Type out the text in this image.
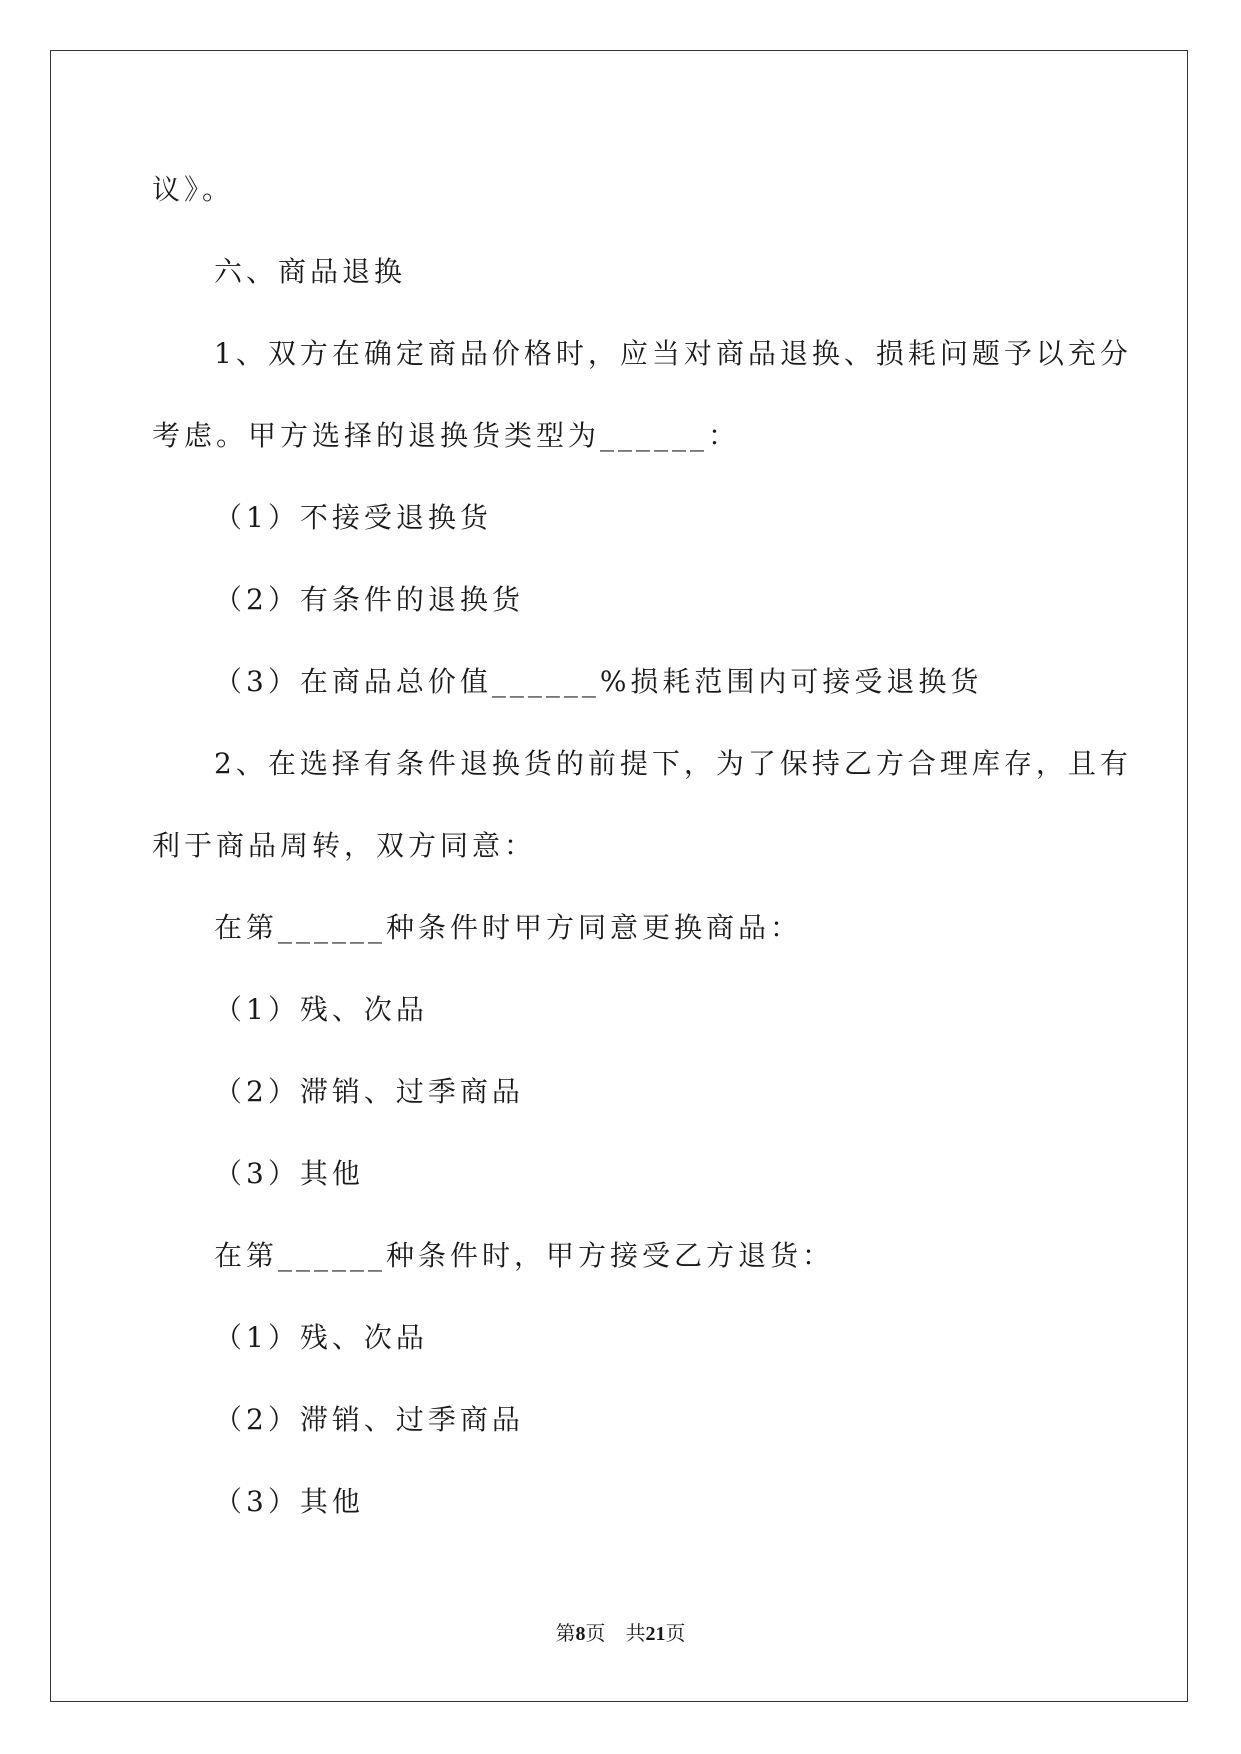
议》。
六、商品退换
1、双方在确定商品价格时，应当对商品退换、损耗问题予以充分
考虑。甲方选择的退换货类型为______：
（1）不接受退换货
（2）有条件的退换货
（3）在商品总价值______%损耗范围内可接受退换货
2、在选择有条件退换货的前提下，为了保持乙方合理库存，且有
利于商品周转，双方同意：
在第______种条件时甲方同意更换商品：
（1）残、次品
（2）滞销、过季商品
（3）其他
在第______种条件时，甲方接受乙方退货：
（1）残、次品
（2）滞销、过季商品
（3）其他
第8页　共21页
